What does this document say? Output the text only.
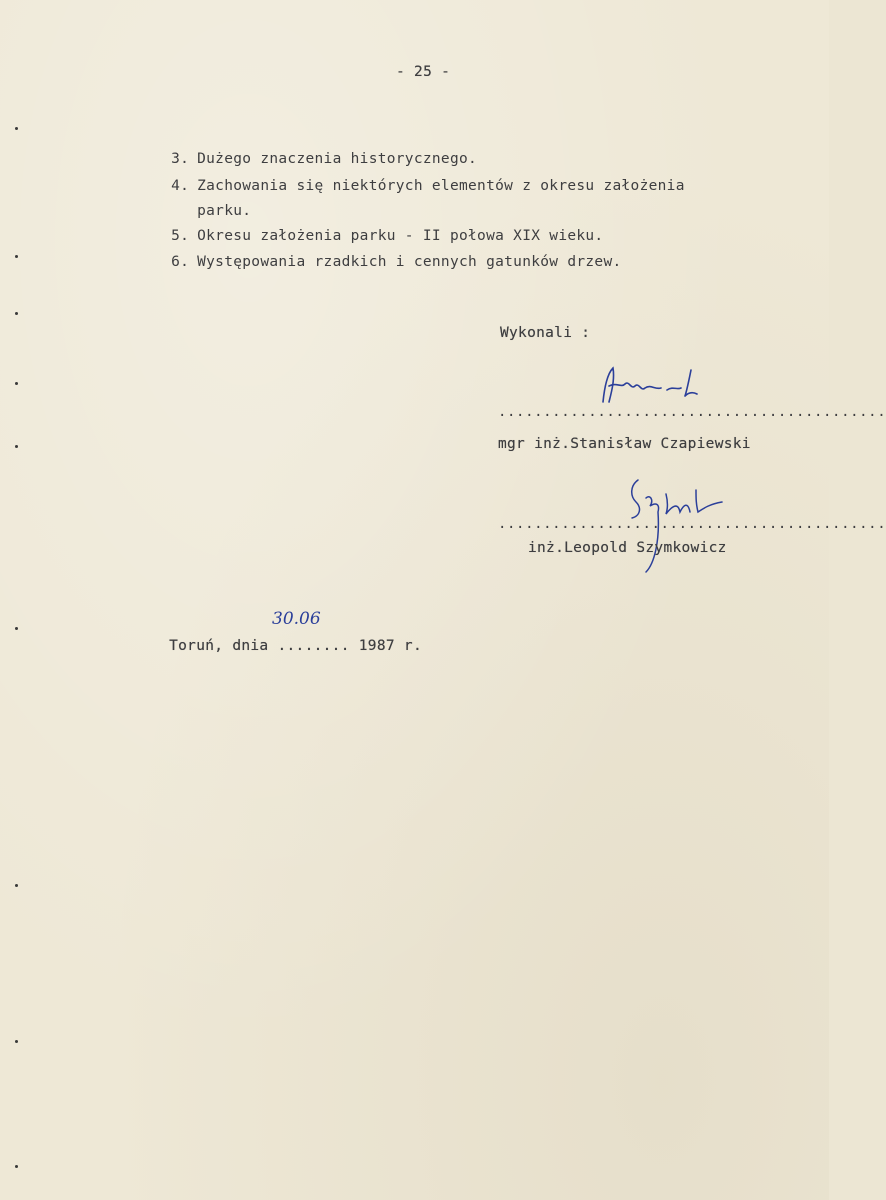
- 25 -

3. Dużego znaczenia historycznego.

4. Zachowania się niektórych elementów z okresu założenia

parku.

5. Okresu założenia parku - II połowa XIX wieku.

6. Występowania rzadkich i cennych gatunków drzew.

Wykonali :
...........................................
mgr inż.Stanisław Czapiewski
...........................................
inż.Leopold Szymkowicz

Toruń, dnia ........ 1987 r.

30.06
